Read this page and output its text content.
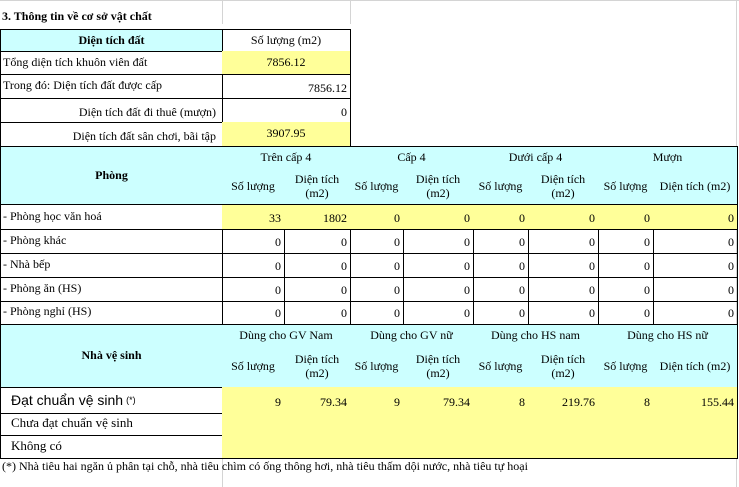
3. Thông tin về cơ sở vật chất
Diện tích đất	Số lượng (m2)
Tổng diện tích khuôn viên đất	7856.12
Trong đó: Diện tích đất được cấp	7856.12
Diện tích đất đi thuê (mượn)	0
Diện tích đất sân chơi, bãi tập	3907.95
Phòng
Nhà vệ sinh
(*) Nhà tiêu hai ngăn ủ phân tại chỗ, nhà tiêu chìm có ống thông hơi, nhà tiêu thấm dội nước, nhà tiêu tự hoại
Trên cấp 4
Số lượng	Diện tích (m2)
Cấp 4
Số lượng	Diện tích (m2)
Dưới cấp 4
Số lượng	Diện tích (m2)
Mượn
Số lượng	Diện tích (m2)
- Phòng học văn hoá	33	1802	0	0	0	0	0	0
- Phòng khác	0	0	0	0	0	0	0	0
- Nhà bếp	0	0	0	0	0	0	0	0
- Phòng ăn (HS)	0	0	0	0	0	0	0	0
- Phòng nghỉ (HS)	0	0	0	0	0	0	0	0
Dùng cho GV Nam
Số lượng	Diện tích (m2)
Dùng cho GV nữ
Số lượng	Diện tích (m2)
Dùng cho HS nam
Số lượng	Diện tích (m2)
Dùng cho HS nữ
Số lượng	Diện tích (m2)
Đạt chuẩn vệ sinh (*)	9	79.34	9	79.34	8	219.76	8	155.44
Chưa đạt chuẩn vệ sinh
Không có
